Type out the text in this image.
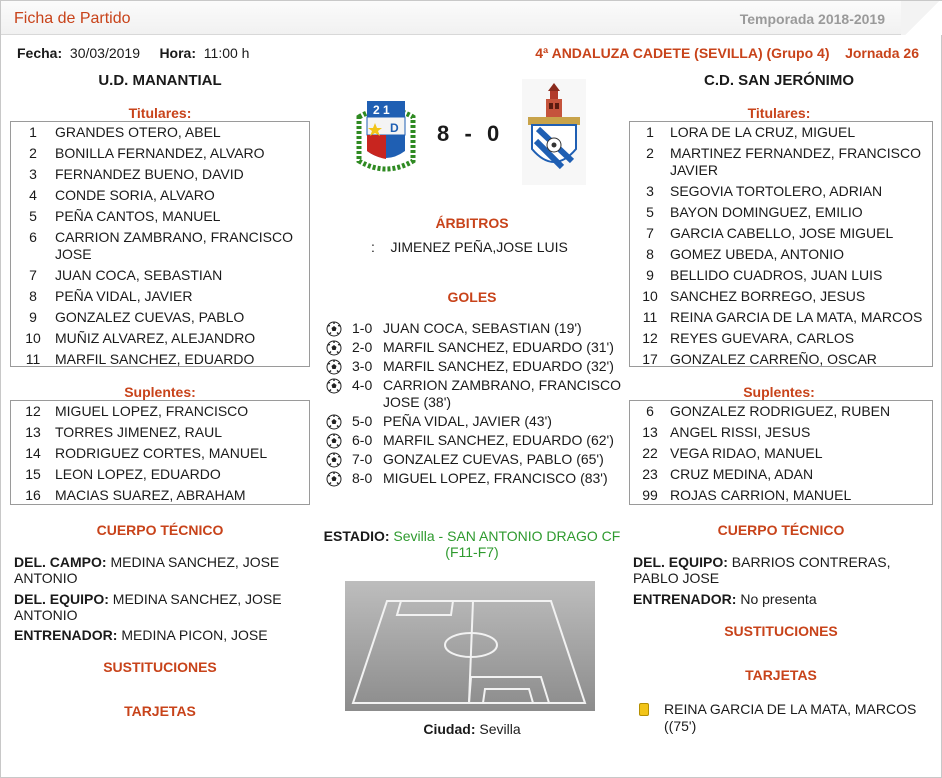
Ficha de Partido	Temporada 2018-2019
Fecha: 30/03/2019 Hora: 11:00 h	4ª ANDALUZA CADETE (SEVILLA) (Grupo 4) Jornada 26
U.D. MANANTIAL	C.D. SAN JERÓNIMO
Titulares:
1	GRANDES OTERO, ABEL
2	BONILLA FERNANDEZ, ALVARO
3	FERNANDEZ BUENO, DAVID
4	CONDE SORIA, ALVARO
5	PEÑA CANTOS, MANUEL
6	CARRION ZAMBRANO, FRANCISCO JOSE
7	JUAN COCA, SEBASTIAN
8	PEÑA VIDAL, JAVIER
9	GONZALEZ CUEVAS, PABLO
10	MUÑIZ ALVAREZ, ALEJANDRO
11	MARFIL SANCHEZ, EDUARDO
Titulares:
1	LORA DE LA CRUZ, MIGUEL
2	MARTINEZ FERNANDEZ, FRANCISCO JAVIER
3	SEGOVIA TORTOLERO, ADRIAN
5	BAYON DOMINGUEZ, EMILIO
7	GARCIA CABELLO, JOSE MIGUEL
8	GOMEZ UBEDA, ANTONIO
9	BELLIDO CUADROS, JUAN LUIS
10 SANCHEZ BORREGO, JESUS
11 REINA GARCIA DE LA MATA, MARCOS
12 REYES GUEVARA, CARLOS
17 GONZALEZ CARREÑO, OSCAR
Suplentes:
12	MIGUEL LOPEZ, FRANCISCO
13	TORRES JIMENEZ, RAUL
14	RODRIGUEZ CORTES, MANUEL
15	LEON LOPEZ, EDUARDO
16	MACIAS SUAREZ, ABRAHAM
Suplentes:
6	GONZALEZ RODRIGUEZ, RUBEN
13 ANGEL RISSI, JESUS
22 VEGA RIDAO, MANUEL
23 CRUZ MEDINA, ADAN
99 ROJAS CARRION, MANUEL
2 1
D 8 - 0
ÁRBITROS
: JIMENEZ PEÑA,JOSE LUIS
GOLES
1-0 JUAN COCA, SEBASTIAN (19')
2-0 MARFIL SANCHEZ, EDUARDO (31')
3-0 MARFIL SANCHEZ, EDUARDO (32')
4-0 CARRION ZAMBRANO, FRANCISCO JOSE (38')
5-0 PEÑA VIDAL, JAVIER (43')
6-0 MARFIL SANCHEZ, EDUARDO (62')
7-0 GONZALEZ CUEVAS, PABLO (65')
8-0 MIGUEL LOPEZ, FRANCISCO (83')
CUERPO TÉCNICO
DEL. CAMPO: MEDINA SANCHEZ, JOSE ANTONIO
DEL. EQUIPO: MEDINA SANCHEZ, JOSE ANTONIO
ENTRENADOR: MEDINA PICON, JOSE
SUSTITUCIONES
TARJETAS
CUERPO TÉCNICO
DEL. EQUIPO: BARRIOS CONTRERAS, PABLO JOSE
ENTRENADOR: No presenta
SUSTITUCIONES
TARJETAS
REINA GARCIA DE LA MATA, MARCOS ((75')
ESTADIO: Sevilla - SAN ANTONIO DRAGO CF (F11-F7)
Ciudad: Sevilla
